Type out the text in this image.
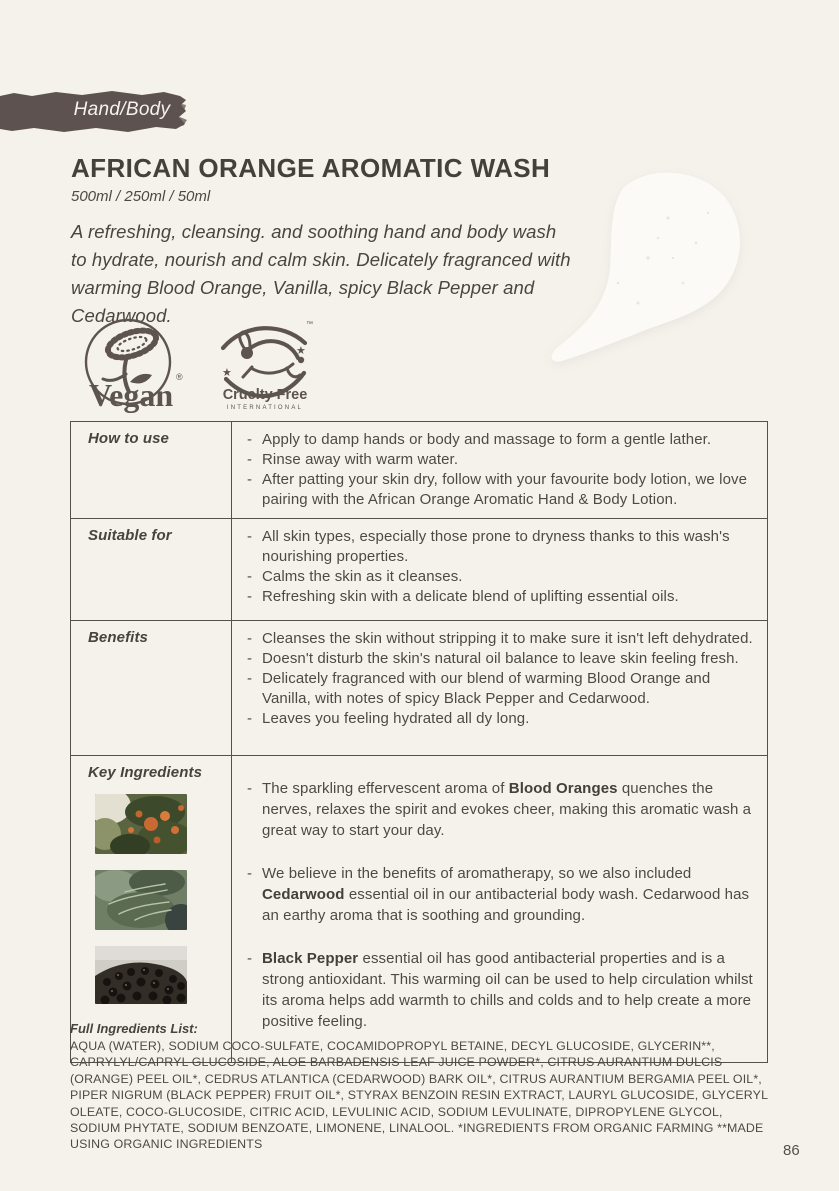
Hand/Body
AFRICAN ORANGE AROMATIC WASH
500ml / 250ml / 50ml
A refreshing, cleansing. and soothing hand and body wash to hydrate, nourish and calm skin. Delicately fragranced with warming Blood Orange, Vanilla, spicy Black Pepper and Cedarwood.
Vegan ®	★
★
™
Cruelty Free
INTERNATIONAL
How to use	- Apply to damp hands or body and massage to form a gentle lather.
- Rinse away with warm water.
- After patting your skin dry, follow with your favourite body lotion, we love pairing with the African Orange Aromatic Hand & Body Lotion.

Suitable for	- All skin types, especially those prone to dryness thanks to this wash's nourishing properties.
- Calms the skin as it cleanses.
- Refreshing skin with a delicate blend of uplifting essential oils.

Benefits	- Cleanses the skin without stripping it to make sure it isn't left dehydrated.
- Doesn't disturb the skin's natural oil balance to leave skin feeling fresh.
- Delicately fragranced with our blend of warming Blood Orange and Vanilla, with notes of spicy Black Pepper and Cedarwood.
- Leaves you feeling hydrated all dy long.

Key Ingredients

- The sparkling effervescent aroma of Blood Oranges quenches the nerves, relaxes the spirit and evokes cheer, making this aromatic wash a great way to start your day.
- We believe in the benefits of aromatherapy, so we also included Cedarwood essential oil in our antibacterial body wash. Cedarwood has an earthy aroma that is soothing and grounding.
- Black Pepper essential oil has good antibacterial properties and is a strong antioxidant. This warming oil can be used to help circulation whilst its aroma helps add warmth to chills and colds and to help create a more positive feeling.
Full Ingredients List:
AQUA (WATER), SODIUM COCO-SULFATE, COCAMIDOPROPYL BETAINE, DECYL GLUCOSIDE, GLYCERIN**, CAPRYLYL/CAPRYL GLUCOSIDE, ALOE BARBADENSIS LEAF JUICE POWDER*, CITRUS AURANTIUM DULCIS (ORANGE) PEEL OIL*, CEDRUS ATLANTICA (CEDARWOOD) BARK OIL*, CITRUS AURANTIUM BERGAMIA PEEL OIL*, PIPER NIGRUM (BLACK PEPPER) FRUIT OIL*, STYRAX BENZOIN RESIN EXTRACT, LAURYL GLUCOSIDE, GLYCERYL OLEATE, COCO-GLUCOSIDE, CITRIC ACID, LEVULINIC ACID, SODIUM LEVULINATE, DIPROPYLENE GLYCOL, SODIUM PHYTATE, SODIUM BENZOATE, LIMONENE, LINALOOL. *INGREDIENTS FROM ORGANIC FARMING **MADE USING ORGANIC INGREDIENTS	86
